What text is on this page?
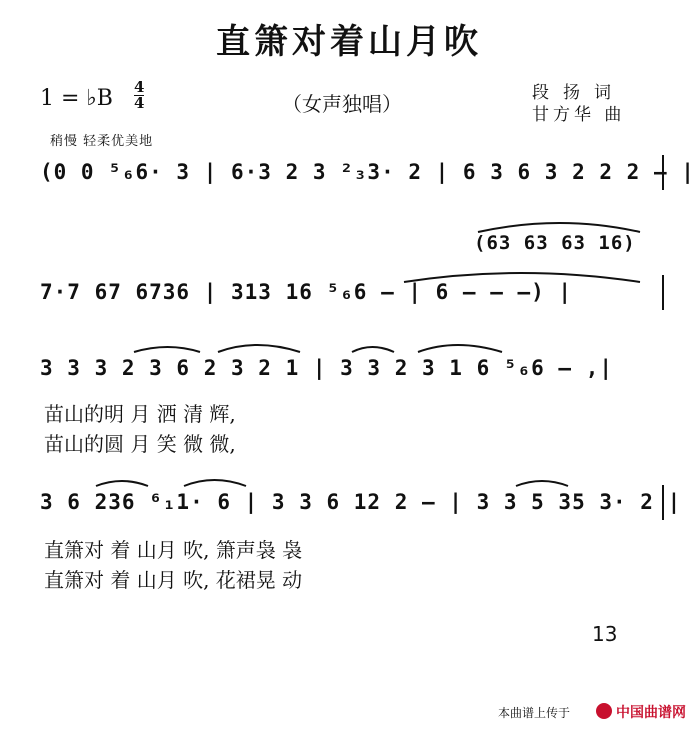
直箫对着山月吹
1 = ♭B 4
4	（女声独唱）	段扬词
甘方华 曲
稍慢 轻柔优美地
(0 0 ⁵₆6· 3 | 6·3 2 3 ²₃3· 2 | 6 3 6 3 2 2 2 — |
(63 63 63 16)
7·7 67 6736 | 313 16 ⁵₆6 — | 6 — — —) |
3 3 3 2 3 6 2 3 2 1 | 3 3 2 3 1 6 ⁵₆6 — ,|
苗山的明 月 洒 清 辉,
苗山的圆 月 笑 微 微,
3 6 236 ⁶₁1· 6 | 3 3 6 12 2 — | 3 3 5 35 3· 2 |
直箫对 着 山月 吹, 箫声袅 袅
直箫对 着 山月 吹, 花裙晃 动
13
本曲谱上传于	中国曲谱网
